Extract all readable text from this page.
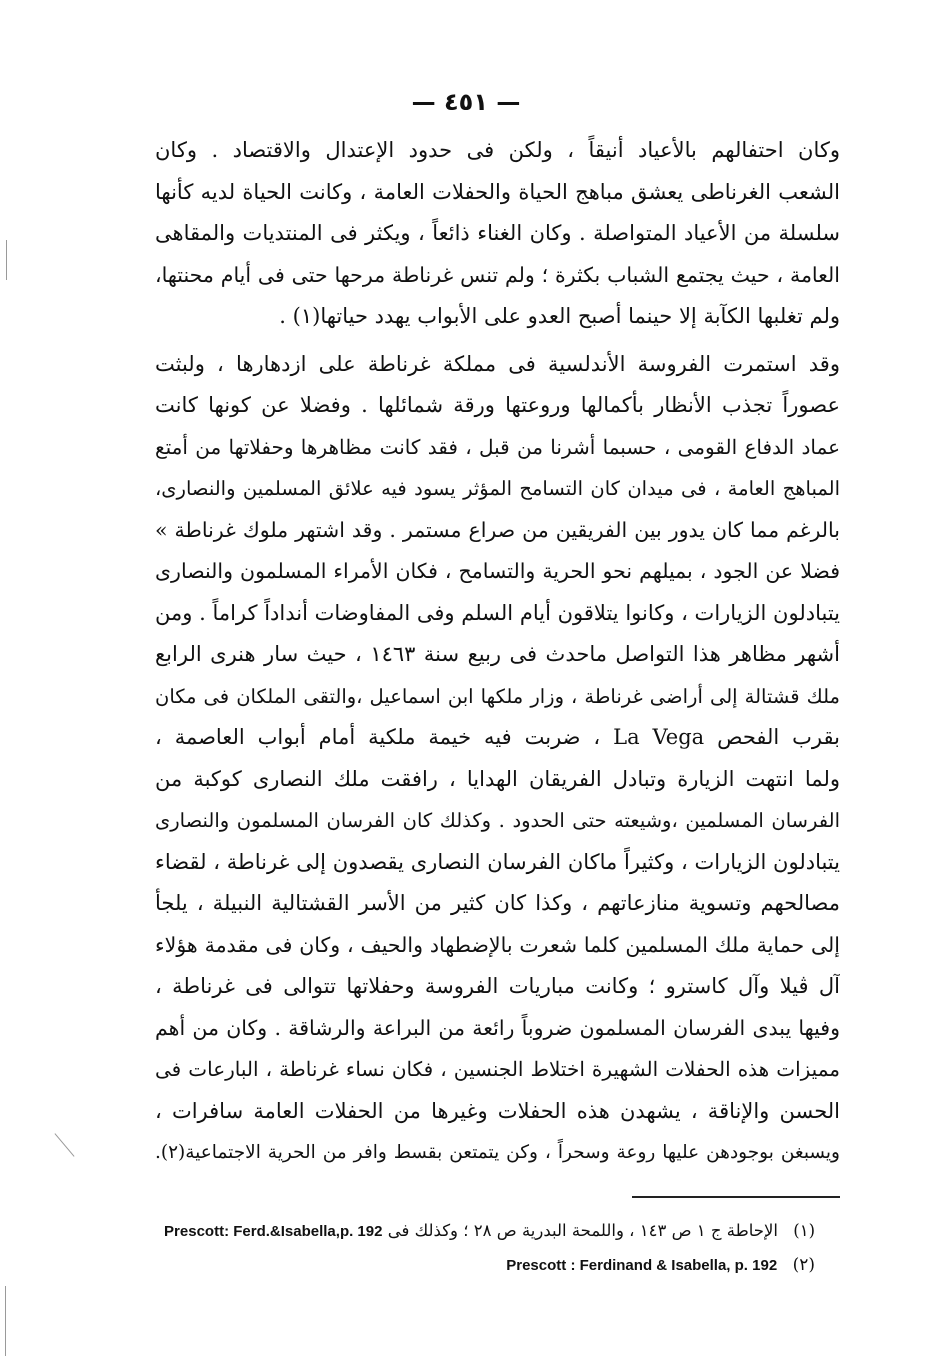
— ٤٥١ —
وكان احتفالهم بالأعياد أنيقاً ، ولكن فى حدود الإعتدال والاقتصاد . وكان
الشعب الغرناطى يعشق مباهج الحياة والحفلات العامة ، وكانت الحياة لديه كأنها
سلسلة من الأعياد المتواصلة . وكان الغناء ذائعاً ، ويكثر فى المنتديات والمقاهى
العامة ، حيث يجتمع الشباب بكثرة ؛ ولم تنس غرناطة مرحها حتى فى أيام محنتها،
ولم تغلبها الكآبة إلا حينما أصبح العدو على الأبواب يهدد حياتها(١) .
وقد استمرت الفروسة الأندلسية فى مملكة غرناطة على ازدهارها ، ولبثت
عصوراً تجذب الأنظار بأكمالها وروعتها ورقة شمائلها . وفضلا عن كونها كانت
عماد الدفاع القومى ، حسبما أشرنا من قبل ، فقد كانت مظاهرها وحفلاتها من أمتع
المباهج العامة ، فى ميدان كان التسامح المؤثر يسود فيه علائق المسلمين والنصارى،
بالرغم مما كان يدور بين الفريقين من صراع مستمر . وقد اشتهر ملوك غرناطة »
فضلا عن الجود ، بميلهم نحو الحرية والتسامح ، فكان الأمراء المسلمون والنصارى
يتبادلون الزيارات ، وكانوا يتلاقون أيام السلم وفى المفاوضات أنداداً كراماً . ومن
أشهر مظاهر هذا التواصل ماحدث فى ربيع سنة ١٤٦٣ ، حيث سار هنرى الرابع
ملك قشتالة إلى أراضى غرناطة ، وزار ملكها ابن اسماعيل ،والتقى الملكان فى مكان
بقرب الفحص La Vega ، ضربت فيه خيمة ملكية أمام أبواب العاصمة ،
ولما انتهت الزيارة وتبادل الفريقان الهدايا ، رافقت ملك النصارى كوكبة من
الفرسان المسلمين ،وشيعته حتى الحدود . وكذلك كان الفرسان المسلمون والنصارى
يتبادلون الزيارات ، وكثيراً ماكان الفرسان النصارى يقصدون إلى غرناطة ، لقضاء
مصالحهم وتسوية منازعاتهم ، وكذا كان كثير من الأسر القشتالية النبيلة ، يلجأ
إلى حماية ملك المسلمين كلما شعرت بالإضطهاد والحيف ، وكان فى مقدمة هؤلاء
آل ڤيلا وآل كاسترو ؛ وكانت مباريات الفروسة وحفلاتها تتوالى فى غرناطة ،
وفيها يبدى الفرسان المسلمون ضروباً رائعة من البراعة والرشاقة . وكان من أهم
مميزات هذه الحفلات الشهيرة اختلاط الجنسين ، فكان نساء غرناطة ، البارعات فى
الحسن والإناقة ، يشهدن هذه الحفلات وغيرها من الحفلات العامة سافرات ،
ويسبغن بوجودهن عليها روعة وسحراً ، وكن يتمتعن بقسط وافر من الحرية الاجتماعية(٢).
(١) الإحاطة ج ١ ص ١٤٣ ، واللمحة البدرية ص ٢٨ ؛ وكذلك فى Prescott: Ferd.&Isabella,p. 192
(٢) Prescott : Ferdinand & Isabella, p. 192
